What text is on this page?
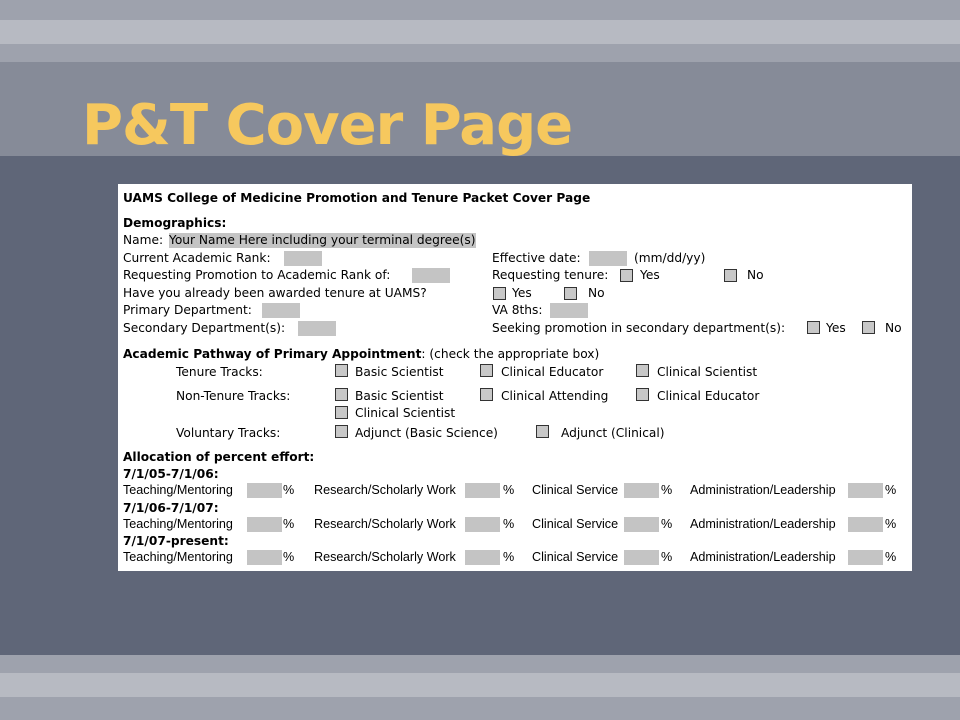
P&T Cover Page
UAMS College of Medicine Promotion and Tenure Packet Cover Page
Demographics:
Name: Your Name Here including your terminal degree(s)
Current Academic Rank:	Effective date:	(mm/dd/yy)
Requesting Promotion to Academic Rank of:	Requesting tenure:	Yes	No
Have you already been awarded tenure at UAMS?	Yes	No
Primary Department:	VA 8ths:
Secondary Department(s):	Seeking promotion in secondary department(s):	Yes	No
Academic Pathway of Primary Appointment: (check the appropriate box)
Tenure Tracks:	Basic Scientist	Clinical Educator	Clinical Scientist
Non-Tenure Tracks:	Basic Scientist	Clinical Attending	Clinical Educator
Clinical Scientist
Voluntary Tracks:	Adjunct (Basic Science)	Adjunct (Clinical)
Allocation of percent effort:
7/1/05-7/1/06:
Teaching/Mentoring	% Research/Scholarly Work	% Clinical Service	% Administration/Leadership	%
7/1/06-7/1/07:
Teaching/Mentoring	% Research/Scholarly Work	% Clinical Service	% Administration/Leadership	%
7/1/07-present:
Teaching/Mentoring	% Research/Scholarly Work	% Clinical Service	% Administration/Leadership	%
